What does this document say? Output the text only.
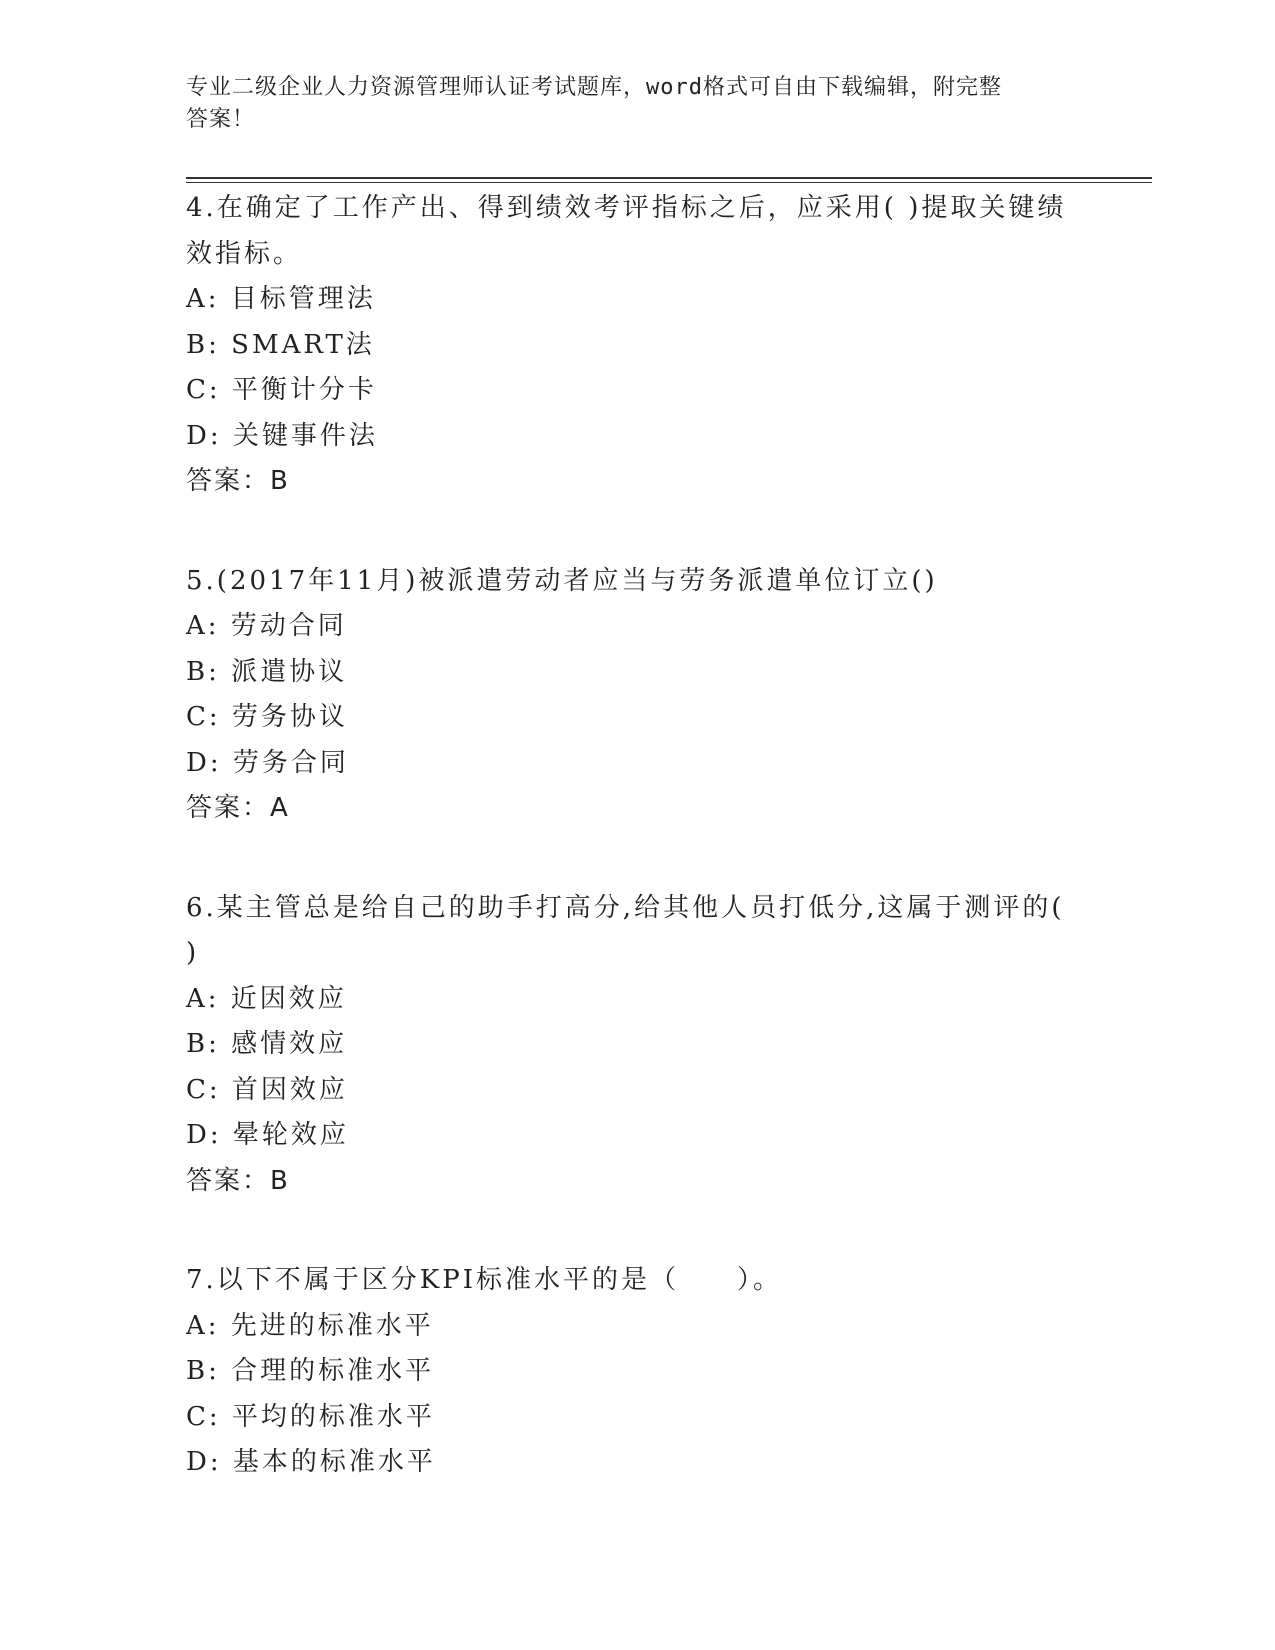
专业二级企业人力资源管理师认证考试题库，word格式可自由下载编辑，附完整
答案！

4.在确定了工作产出、得到绩效考评指标之后，应采用( )提取关键绩

效指标。

A: 目标管理法

B: SMART法

C: 平衡计分卡

D: 关键事件法

答案：B

5.(2017年11月)被派遣劳动者应当与劳务派遣单位订立()

A: 劳动合同

B: 派遣协议

C: 劳务协议

D: 劳务合同

答案：A

6.某主管总是给自己的助手打高分,给其他人员打低分,这属于测评的(

)

A: 近因效应

B: 感情效应

C: 首因效应

D: 晕轮效应

答案：B

7.以下不属于区分KPI标准水平的是（　　）。

A: 先进的标准水平

B: 合理的标准水平

C: 平均的标准水平

D: 基本的标准水平
